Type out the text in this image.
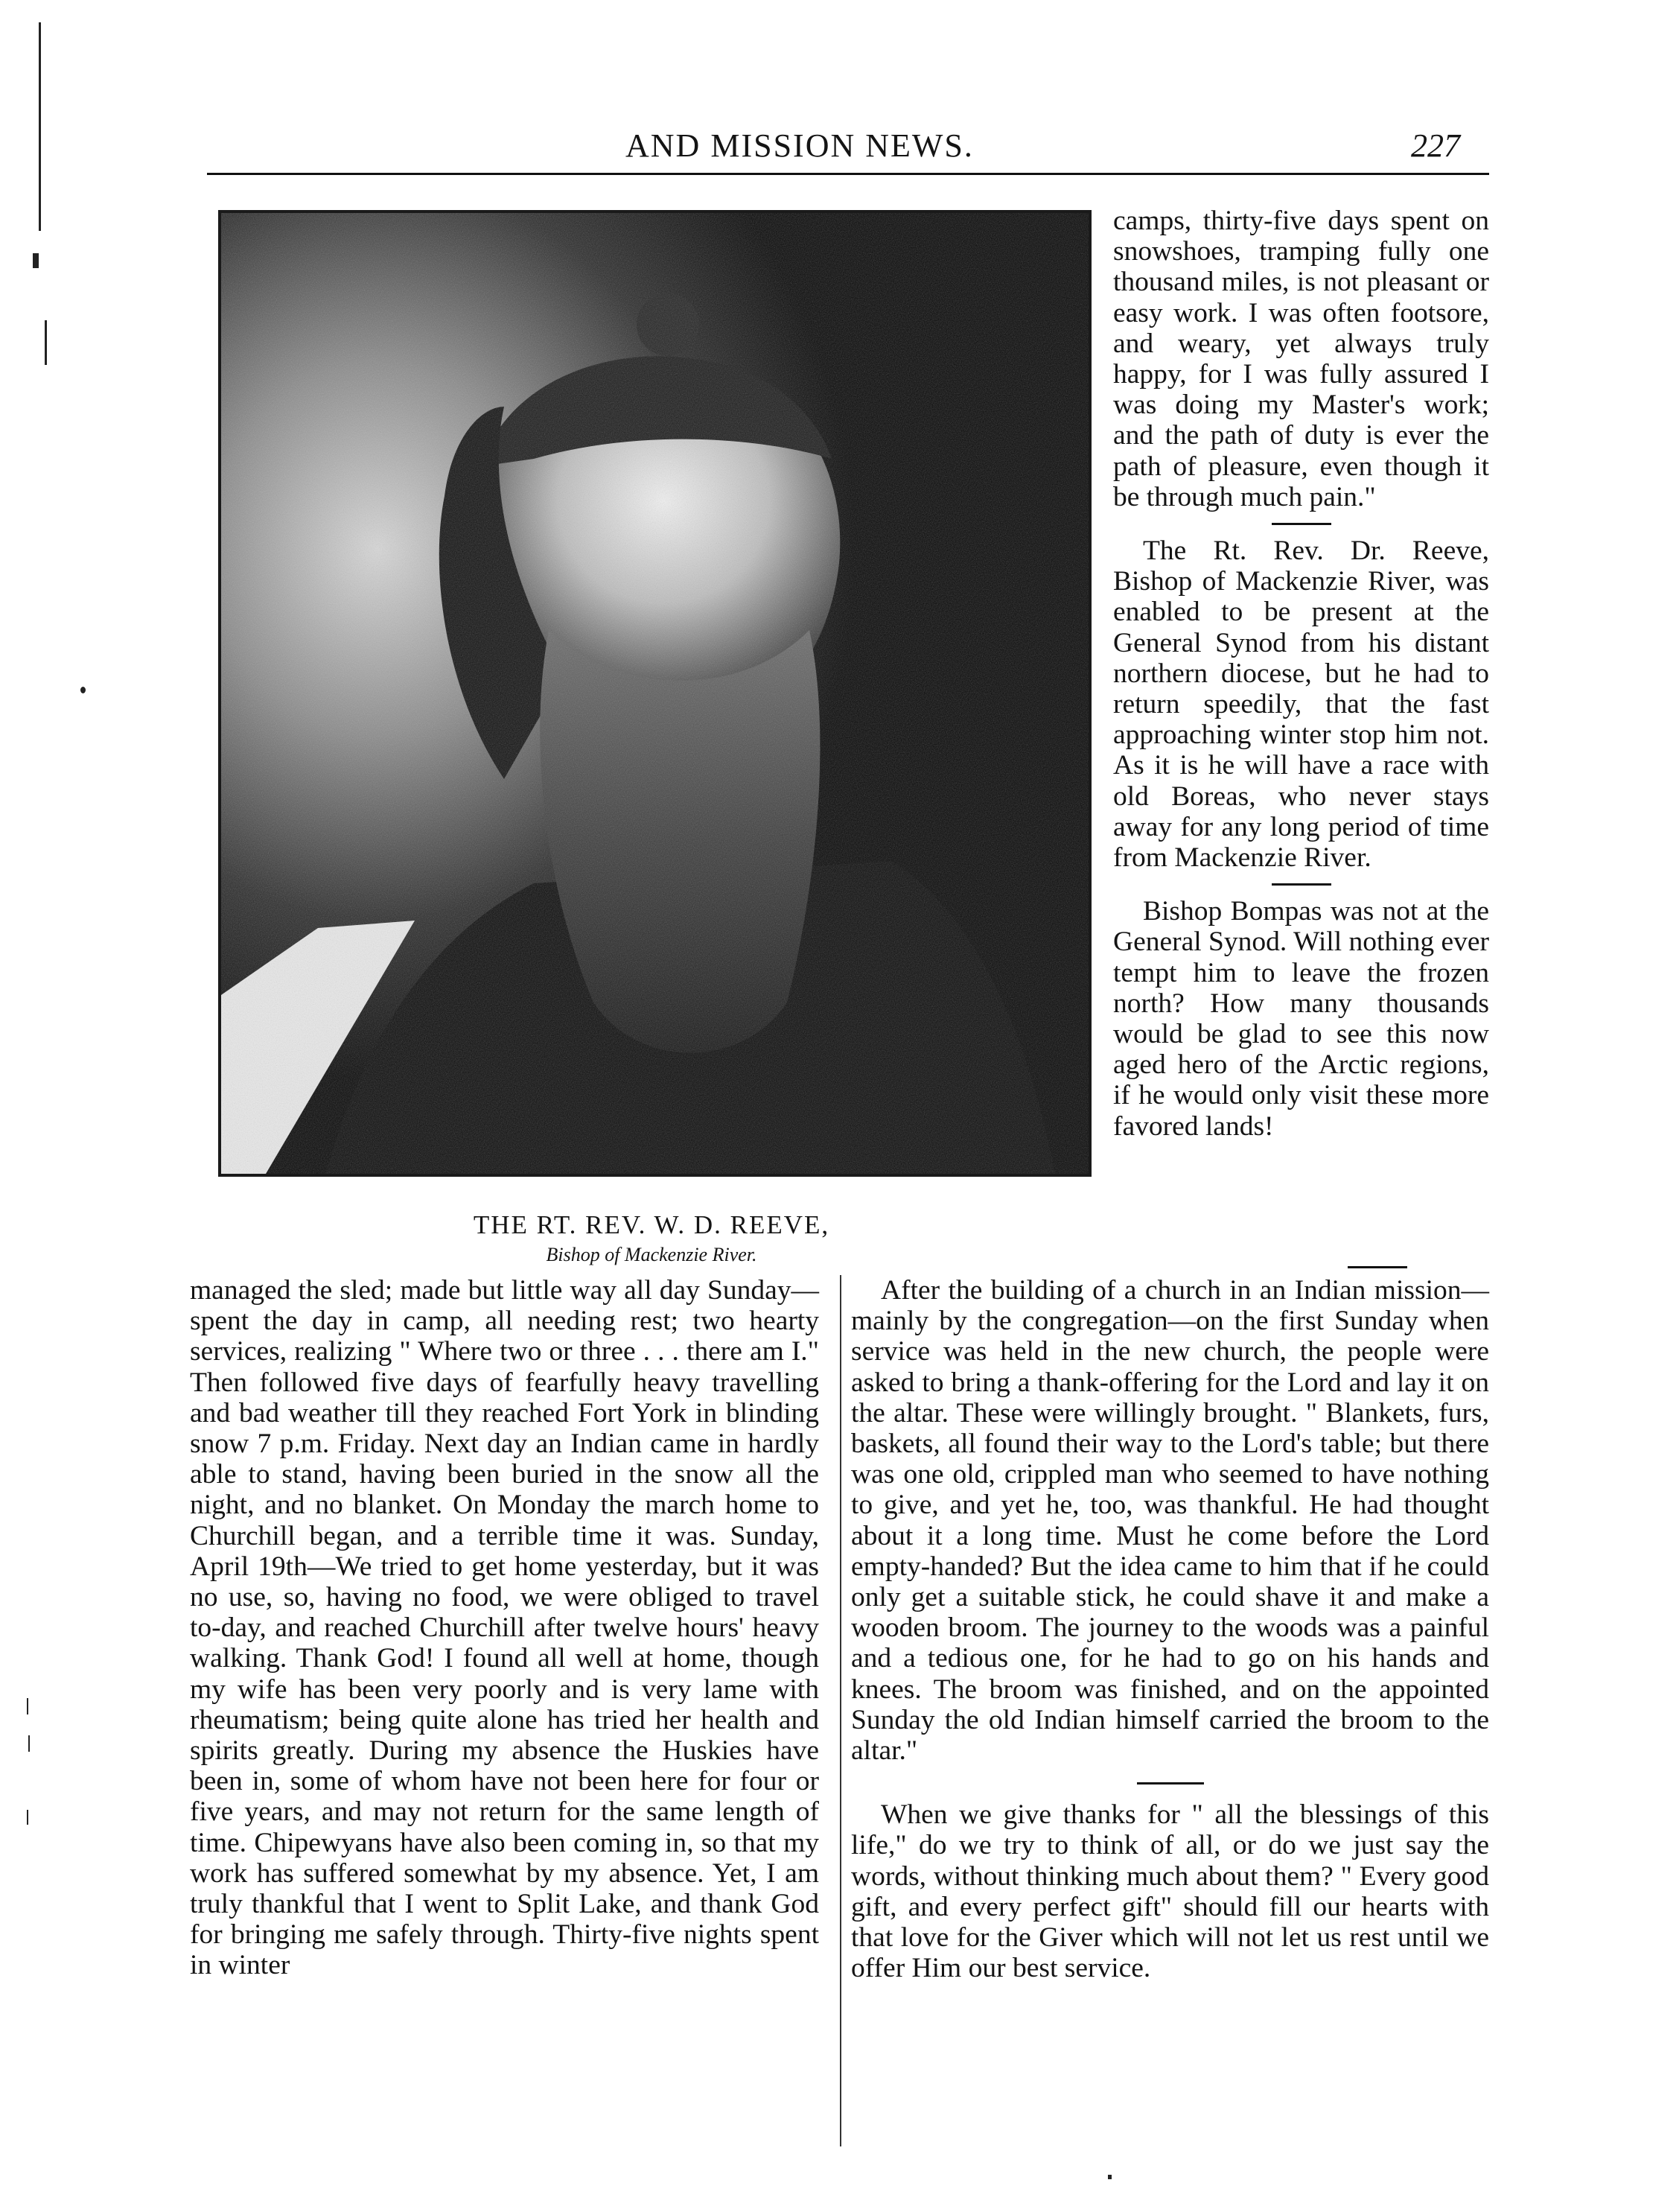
AND MISSION NEWS.	227
THE RT. REV. W. D. REEVE,
Bishop of Mackenzie River.

camps, thirty-five days spent on snowshoes, tramping fully one thousand miles, is not pleasant or easy work. I was often footsore, and weary, yet always truly happy, for I was fully assured I was doing my Master's work; and the path of duty is ever the path of pleasure, even though it be through much pain."

The Rt. Rev. Dr. Reeve, Bishop of Mackenzie River, was enabled to be present at the General Synod from his distant northern diocese, but he had to return speedily, that the fast approaching winter stop him not. As it is he will have a race with old Boreas, who never stays away for any long period of time from Mackenzie River.

Bishop Bompas was not at the General Synod. Will nothing ever tempt him to leave the frozen north? How many thousands would be glad to see this now aged hero of the Arctic regions, if he would only visit these more favored lands!

managed the sled; made but little way all day Sunday—spent the day in camp, all needing rest; two hearty services, realizing " Where two or three . . . there am I." Then followed five days of fearfully heavy travelling and bad weather till they reached Fort York in blinding snow 7 p.m. Friday. Next day an Indian came in hardly able to stand, having been buried in the snow all the night, and no blanket. On Monday the march home to Churchill began, and a terrible time it was. Sunday, April 19th—We tried to get home yesterday, but it was no use, so, having no food, we were obliged to travel to-day, and reached Churchill after twelve hours' heavy walking. Thank God! I found all well at home, though my wife has been very poorly and is very lame with rheumatism; being quite alone has tried her health and spirits greatly. During my absence the Huskies have been in, some of whom have not been here for four or five years, and may not return for the same length of time. Chipewyans have also been coming in, so that my work has suffered somewhat by my absence. Yet, I am truly thankful that I went to Split Lake, and thank God for bringing me safely through. Thirty-five nights spent in winter

After the building of a church in an Indian mission—mainly by the congregation—on the first Sunday when service was held in the new church, the people were asked to bring a thank-offering for the Lord and lay it on the altar. These were willingly brought. " Blankets, furs, baskets, all found their way to the Lord's table; but there was one old, crippled man who seemed to have nothing to give, and yet he, too, was thankful. He had thought about it a long time. Must he come before the Lord empty-handed? But the idea came to him that if he could only get a suitable stick, he could shave it and make a wooden broom. The journey to the woods was a painful and a tedious one, for he had to go on his hands and knees. The broom was finished, and on the appointed Sunday the old Indian himself carried the broom to the altar."

When we give thanks for " all the blessings of this life," do we try to think of all, or do we just say the words, without thinking much about them? " Every good gift, and every perfect gift" should fill our hearts with that love for the Giver which will not let us rest until we offer Him our best service.
